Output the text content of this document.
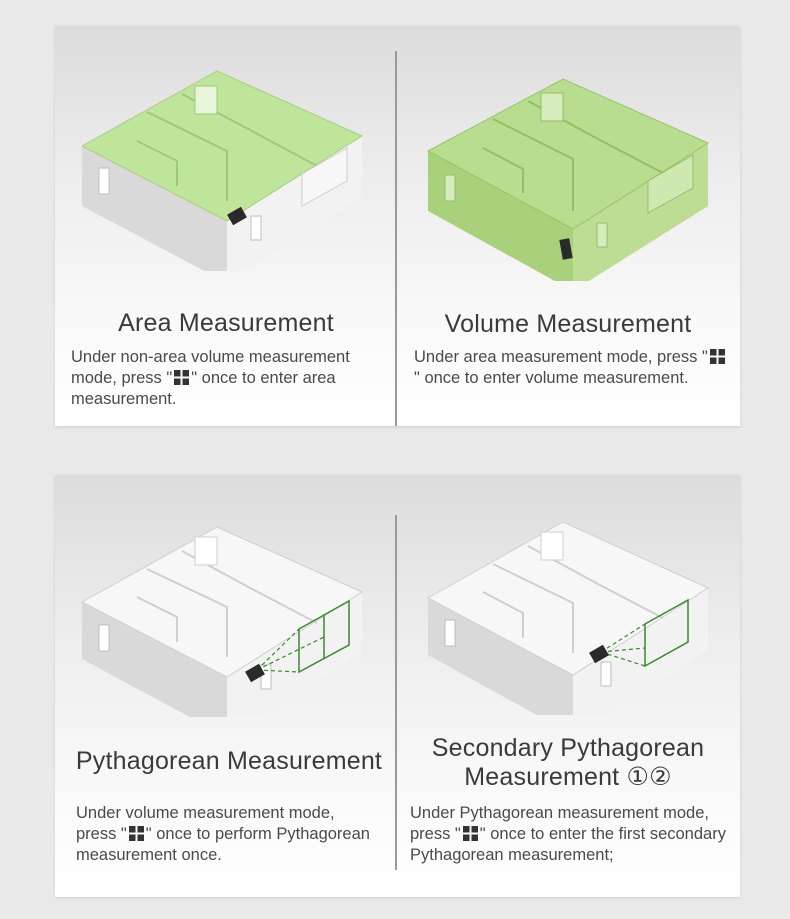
Area Measurement
Under non-area volume measurement mode, press " " once to enter area measurement.
Volume Measurement
Under area measurement mode, press "" once to enter volume measurement.
Pythagorean Measurement
Under volume measurement mode, press " " once to perform Pythagorean measurement once.
Secondary Pythagorean
Measurement ①②
Under Pythagorean measurement mode, press " " once to enter the first secondary Pythagorean measurement;
